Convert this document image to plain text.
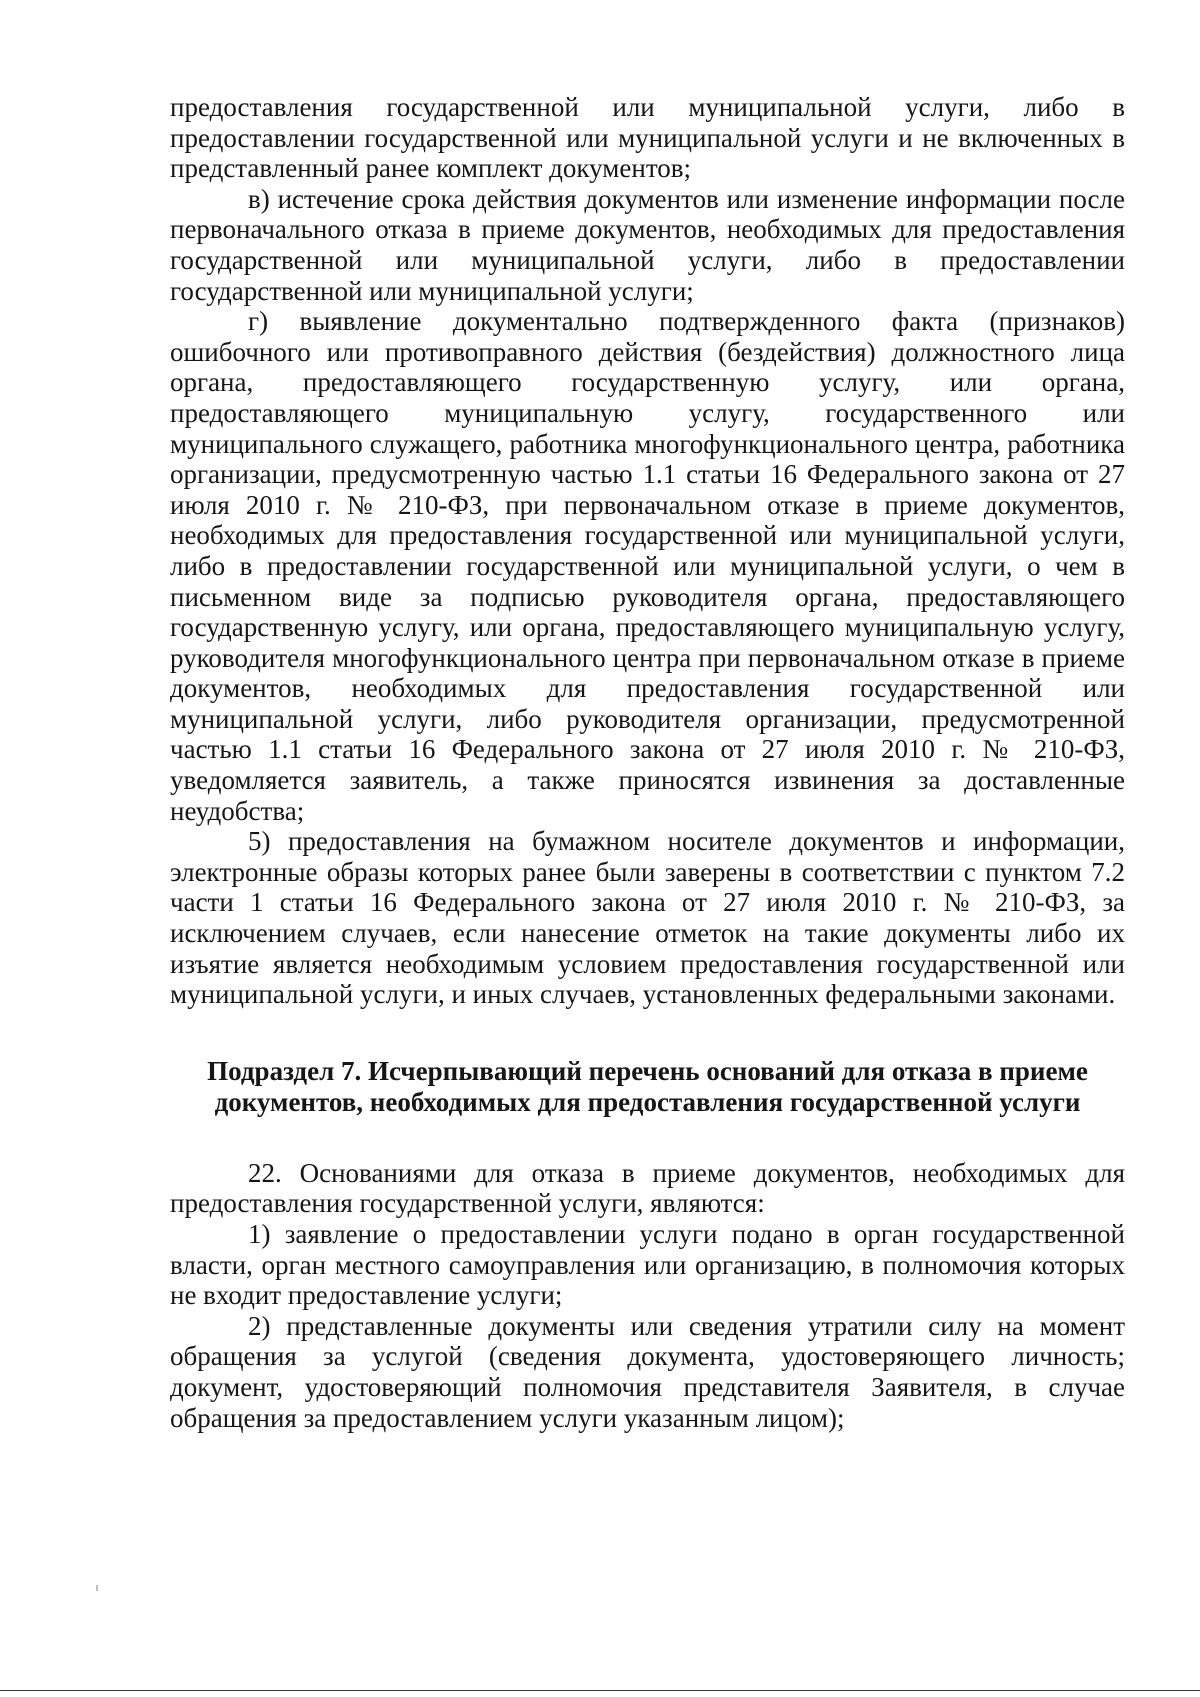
предоставления государственной или муниципальной услуги, либо в предоставлении государственной или муниципальной услуги и не включенных в представленный ранее комплект документов;

в) истечение срока действия документов или изменение информации после первоначального отказа в приеме документов, необходимых для предоставления государственной или муниципальной услуги, либо в предоставлении государственной или муниципальной услуги;

г) выявление документально подтвержденного факта (признаков) ошибочного или противоправного действия (бездействия) должностного лица органа, предоставляющего государственную услугу, или органа, предоставляющего муниципальную услугу, государственного или муниципального служащего, работника многофункционального центра, работника организации, предусмотренную частью 1.1 статьи 16 Федерального закона от 27 июля 2010 г. № 210-ФЗ, при первоначальном отказе в приеме документов, необходимых для предоставления государственной или муниципальной услуги, либо в предоставлении государственной или муниципальной услуги, о чем в письменном виде за подписью руководителя органа, предоставляющего государственную услугу, или органа, предоставляющего муниципальную услугу, руководителя многофункционального центра при первоначальном отказе в приеме документов, необходимых для предоставления государственной или муниципальной услуги, либо руководителя организации, предусмотренной частью 1.1 статьи 16 Федерального закона от 27 июля 2010 г. № 210-ФЗ, уведомляется заявитель, а также приносятся извинения за доставленные неудобства;

5) предоставления на бумажном носителе документов и информации, электронные образы которых ранее были заверены в соответствии с пунктом 7.2 части 1 статьи 16 Федерального закона от 27 июля 2010 г. № 210-ФЗ, за исключением случаев, если нанесение отметок на такие документы либо их изъятие является необходимым условием предоставления государственной или муниципальной услуги, и иных случаев, установленных федеральными законами.

Подраздел 7. Исчерпывающий перечень оснований для отказа в приеме
документов, необходимых для предоставления государственной услуги

22. Основаниями для отказа в приеме документов, необходимых для предоставления государственной услуги, являются:

1) заявление о предоставлении услуги подано в орган государственной власти, орган местного самоуправления или организацию, в полномочия которых не входит предоставление услуги;

2) представленные документы или сведения утратили силу на момент обращения за услугой (сведения документа, удостоверяющего личность; документ, удостоверяющий полномочия представителя Заявителя, в случае обращения за предоставлением услуги указанным лицом);
